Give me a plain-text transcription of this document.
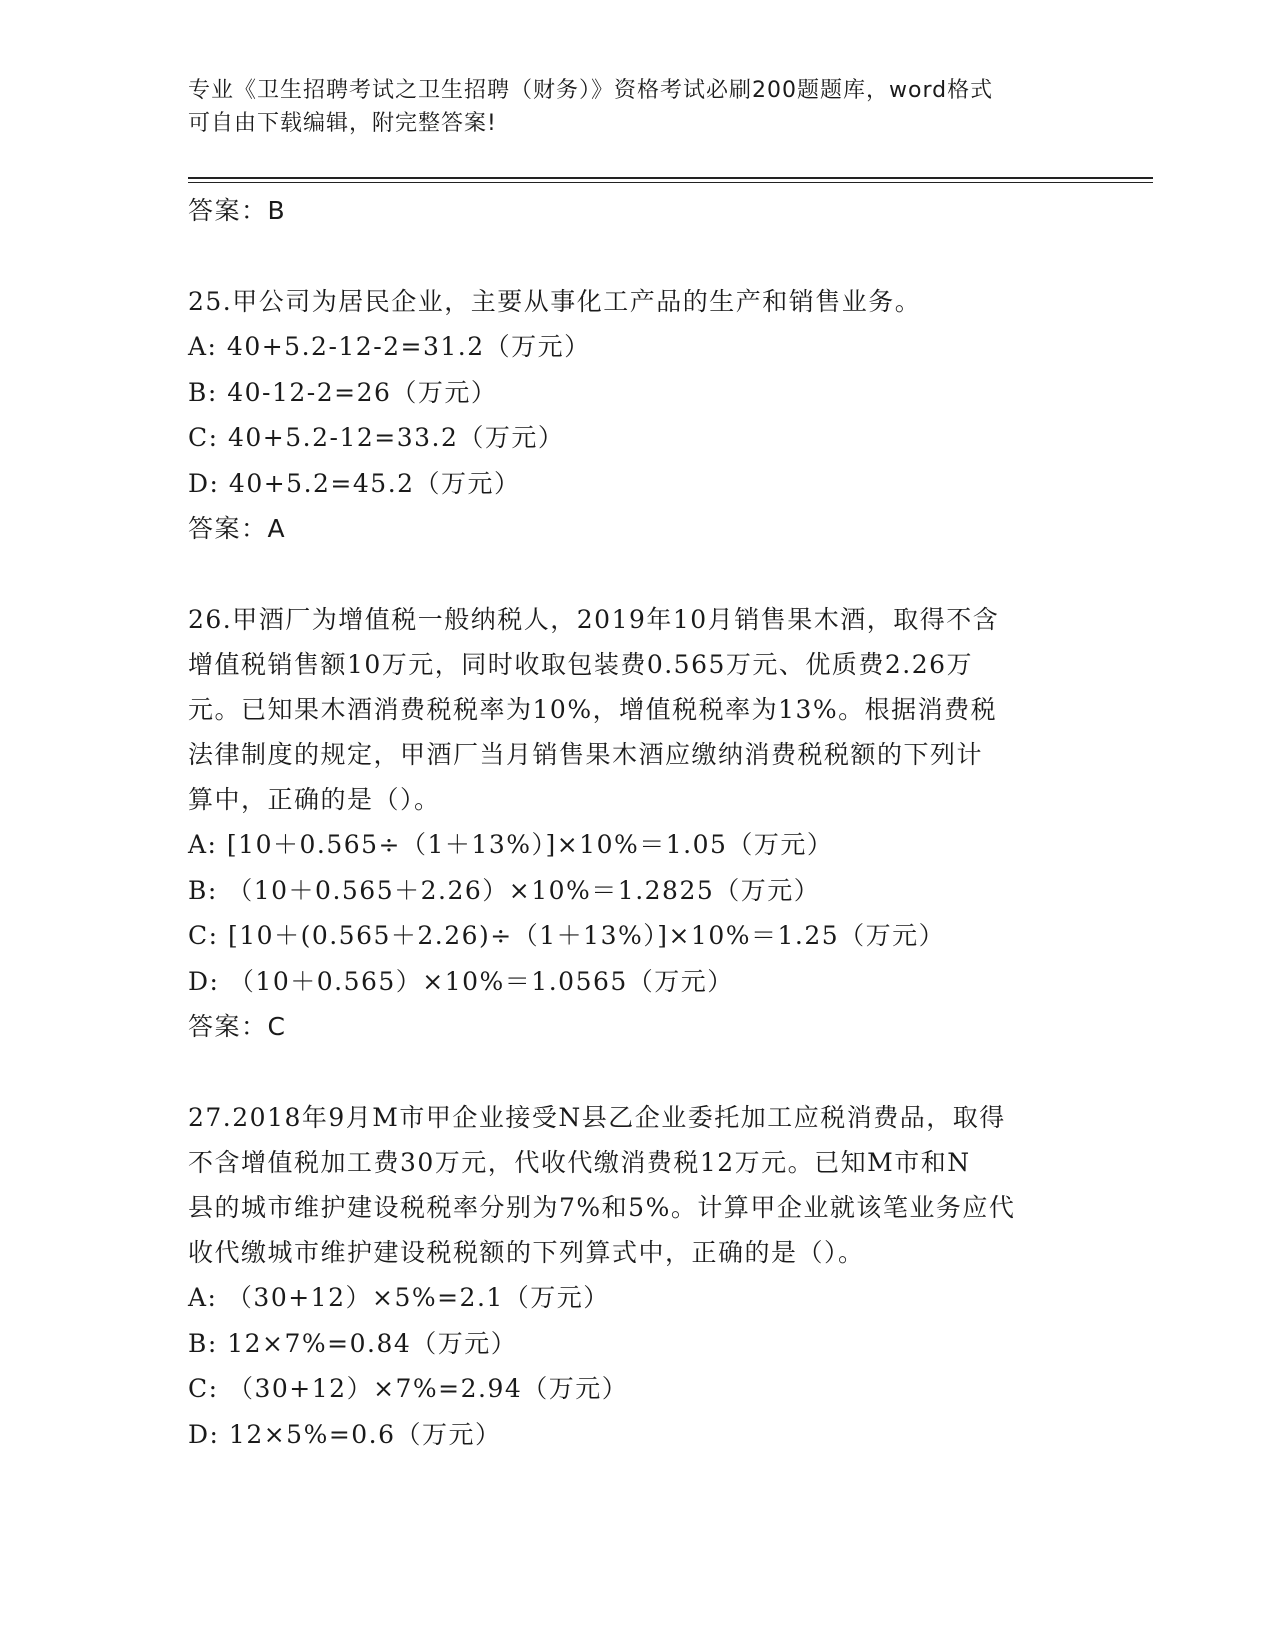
专业《卫生招聘考试之卫生招聘（财务）》资格考试必刷200题题库，word格式
可自由下载编辑，附完整答案!
答案：B
25.甲公司为居民企业，主要从事化工产品的生产和销售业务。
A: 40+5.2-12-2=31.2（万元）
B: 40-12-2=26（万元）
C: 40+5.2-12=33.2（万元）
D: 40+5.2=45.2（万元）
答案：A
26.甲酒厂为增值税一般纳税人，2019年10月销售果木酒，取得不含
增值税销售额10万元，同时收取包装费0.565万元、优质费2.26万
元。已知果木酒消费税税率为10%，增值税税率为13%。根据消费税
法律制度的规定，甲酒厂当月销售果木酒应缴纳消费税税额的下列计
算中，正确的是（）。
A: [10＋0.565÷（1＋13%）]×10%＝1.05（万元）
B: （10＋0.565＋2.26）×10%＝1.2825（万元）
C: [10＋(0.565＋2.26)÷（1＋13%）]×10%＝1.25（万元）
D: （10＋0.565）×10%＝1.0565（万元）
答案：C
27.2018年9月M市甲企业接受N县乙企业委托加工应税消费品，取得
不含增值税加工费30万元，代收代缴消费税12万元。已知M市和N
县的城市维护建设税税率分别为7%和5%。计算甲企业就该笔业务应代
收代缴城市维护建设税税额的下列算式中，正确的是（）。
A: （30+12）×5%=2.1（万元）
B: 12×7%=0.84（万元）
C: （30+12）×7%=2.94（万元）
D: 12×5%=0.6（万元）
